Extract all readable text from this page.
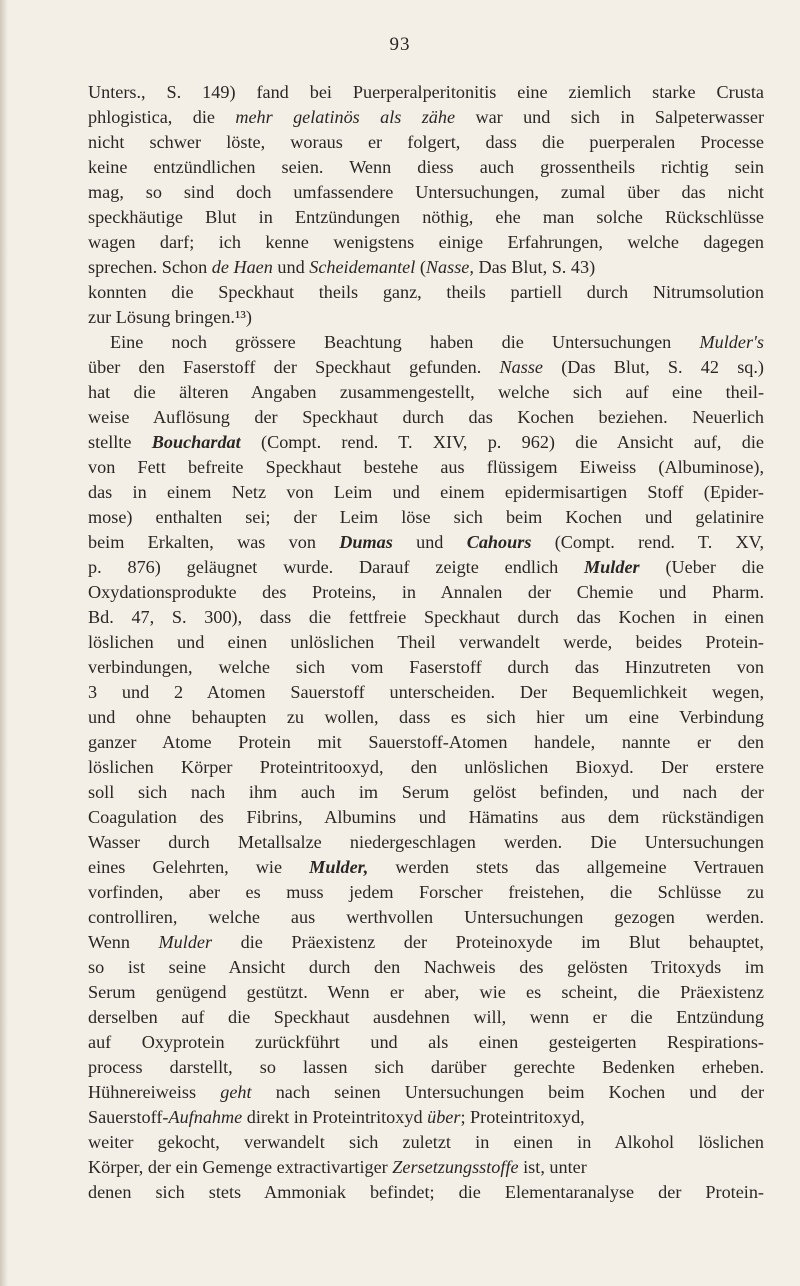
93
Unters., S. 149) fand bei Puerperalperitonitis eine ziemlich starke Crusta
phlogistica, die mehr gelatinös als zähe war und sich in Salpeterwasser
nicht schwer löste, woraus er folgert, dass die puerperalen Processe
keine entzündlichen seien. Wenn diess auch grossentheils richtig sein
mag, so sind doch umfassendere Untersuchungen, zumal über das nicht
speckhäutige Blut in Entzündungen nöthig, ehe man solche Rückschlüsse
wagen darf; ich kenne wenigstens einige Erfahrungen, welche dagegen
sprechen. Schon de Haen und Scheidemantel (Nasse, Das Blut, S. 43)
konnten die Speckhaut theils ganz, theils partiell durch Nitrumsolution
zur Lösung bringen.¹³)
Eine noch grössere Beachtung haben die Untersuchungen Mulder's
über den Faserstoff der Speckhaut gefunden. Nasse (Das Blut, S. 42 sq.)
hat die älteren Angaben zusammengestellt, welche sich auf eine theil-
weise Auflösung der Speckhaut durch das Kochen beziehen. Neuerlich
stellte Bouchardat (Compt. rend. T. XIV, p. 962) die Ansicht auf, die
von Fett befreite Speckhaut bestehe aus flüssigem Eiweiss (Albuminose),
das in einem Netz von Leim und einem epidermisartigen Stoff (Epider-
mose) enthalten sei; der Leim löse sich beim Kochen und gelatinire
beim Erkalten, was von Dumas und Cahours (Compt. rend. T. XV,
p. 876) geläugnet wurde. Darauf zeigte endlich Mulder (Ueber die
Oxydationsprodukte des Proteins, in Annalen der Chemie und Pharm.
Bd. 47, S. 300), dass die fettfreie Speckhaut durch das Kochen in einen
löslichen und einen unlöslichen Theil verwandelt werde, beides Protein-
verbindungen, welche sich vom Faserstoff durch das Hinzutreten von
3 und 2 Atomen Sauerstoff unterscheiden. Der Bequemlichkeit wegen,
und ohne behaupten zu wollen, dass es sich hier um eine Verbindung
ganzer Atome Protein mit Sauerstoff-Atomen handele, nannte er den
löslichen Körper Proteintritooxyd, den unlöslichen Bioxyd. Der erstere
soll sich nach ihm auch im Serum gelöst befinden, und nach der
Coagulation des Fibrins, Albumins und Hämatins aus dem rückständigen
Wasser durch Metallsalze niedergeschlagen werden. Die Untersuchungen
eines Gelehrten, wie Mulder, werden stets das allgemeine Vertrauen
vorfinden, aber es muss jedem Forscher freistehen, die Schlüsse zu
controlliren, welche aus werthvollen Untersuchungen gezogen werden.
Wenn Mulder die Präexistenz der Proteinoxyde im Blut behauptet,
so ist seine Ansicht durch den Nachweis des gelösten Tritoxyds im
Serum genügend gestützt. Wenn er aber, wie es scheint, die Präexistenz
derselben auf die Speckhaut ausdehnen will, wenn er die Entzündung
auf Oxyprotein zurückführt und als einen gesteigerten Respirations-
process darstellt, so lassen sich darüber gerechte Bedenken erheben.
Hühnereiweiss geht nach seinen Untersuchungen beim Kochen und der
Sauerstoff-Aufnahme direkt in Proteintritoxyd über; Proteintritoxyd,
weiter gekocht, verwandelt sich zuletzt in einen in Alkohol löslichen
Körper, der ein Gemenge extractivartiger Zersetzungsstoffe ist, unter
denen sich stets Ammoniak befindet; die Elementaranalyse der Protein-
